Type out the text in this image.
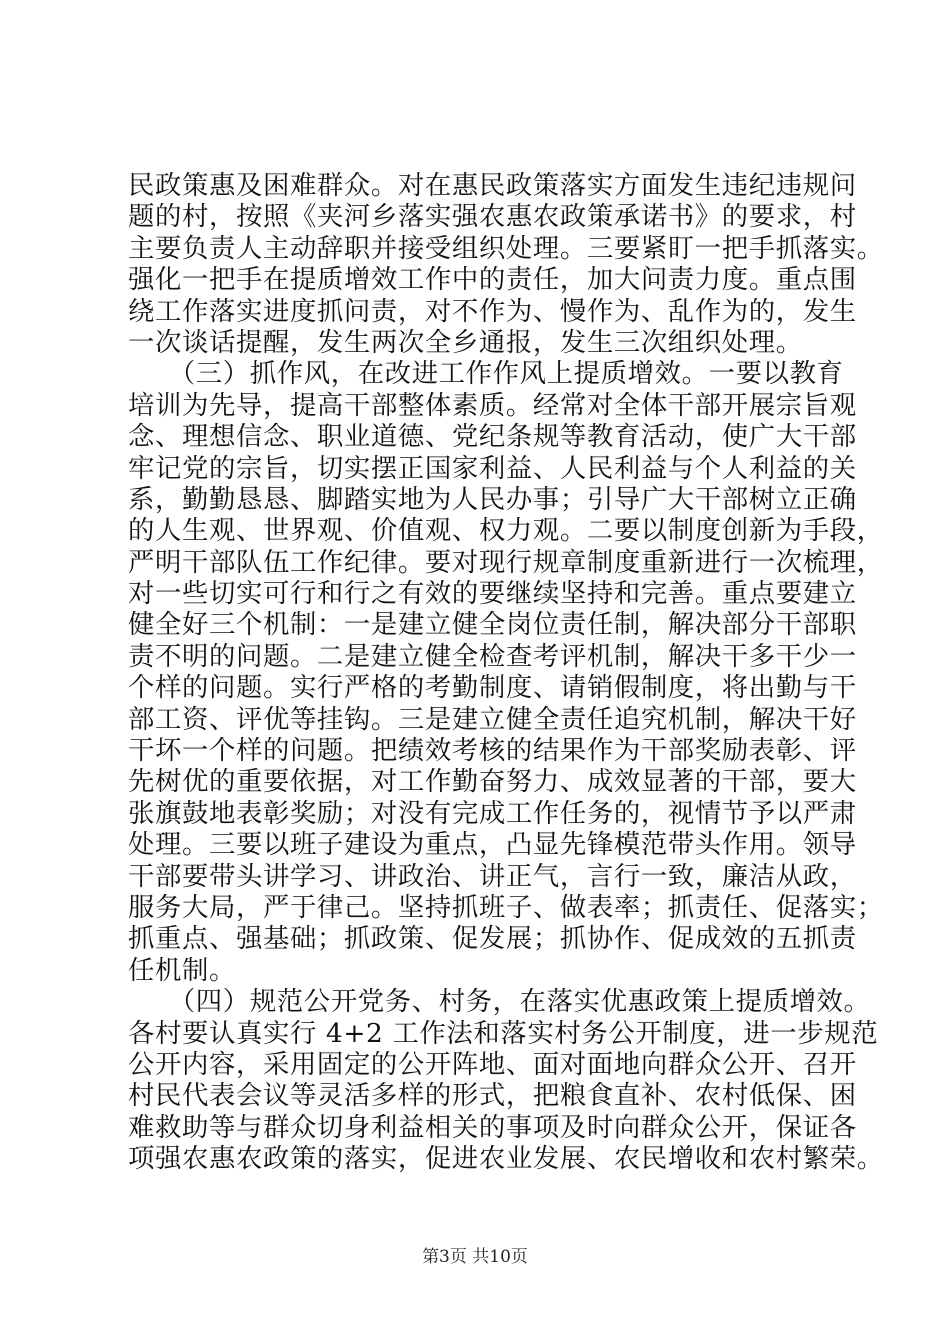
民政策惠及困难群众。对在惠民政策落实方面发生违纪违规问
题的村，按照《夹河乡落实强农惠农政策承诺书》的要求，村
主要负责人主动辞职并接受组织处理。三要紧盯一把手抓落实。
强化一把手在提质增效工作中的责任，加大问责力度。重点围
绕工作落实进度抓问责，对不作为、慢作为、乱作为的，发生
一次谈话提醒，发生两次全乡通报，发生三次组织处理。
　　（三）抓作风，在改进工作作风上提质增效。一要以教育
培训为先导，提高干部整体素质。经常对全体干部开展宗旨观
念、理想信念、职业道德、党纪条规等教育活动，使广大干部
牢记党的宗旨，切实摆正国家利益、人民利益与个人利益的关
系，勤勤恳恳、脚踏实地为人民办事；引导广大干部树立正确
的人生观、世界观、价值观、权力观。二要以制度创新为手段，
严明干部队伍工作纪律。要对现行规章制度重新进行一次梳理，
对一些切实可行和行之有效的要继续坚持和完善。重点要建立
健全好三个机制：一是建立健全岗位责任制，解决部分干部职
责不明的问题。二是建立健全检查考评机制，解决干多干少一
个样的问题。实行严格的考勤制度、请销假制度，将出勤与干
部工资、评优等挂钩。三是建立健全责任追究机制，解决干好
干坏一个样的问题。把绩效考核的结果作为干部奖励表彰、评
先树优的重要依据，对工作勤奋努力、成效显著的干部，要大
张旗鼓地表彰奖励；对没有完成工作任务的，视情节予以严肃
处理。三要以班子建设为重点，凸显先锋模范带头作用。领导
干部要带头讲学习、讲政治、讲正气，言行一致，廉洁从政，
服务大局，严于律己。坚持抓班子、做表率；抓责任、促落实；
抓重点、强基础；抓政策、促发展；抓协作、促成效的五抓责
任机制。
　　（四）规范公开党务、村务，在落实优惠政策上提质增效。
各村要认真实行 4+2 工作法和落实村务公开制度，进一步规范
公开内容，采用固定的公开阵地、面对面地向群众公开、召开
村民代表会议等灵活多样的形式，把粮食直补、农村低保、困
难救助等与群众切身利益相关的事项及时向群众公开，保证各
项强农惠农政策的落实，促进农业发展、农民增收和农村繁荣。
第3页 共10页
